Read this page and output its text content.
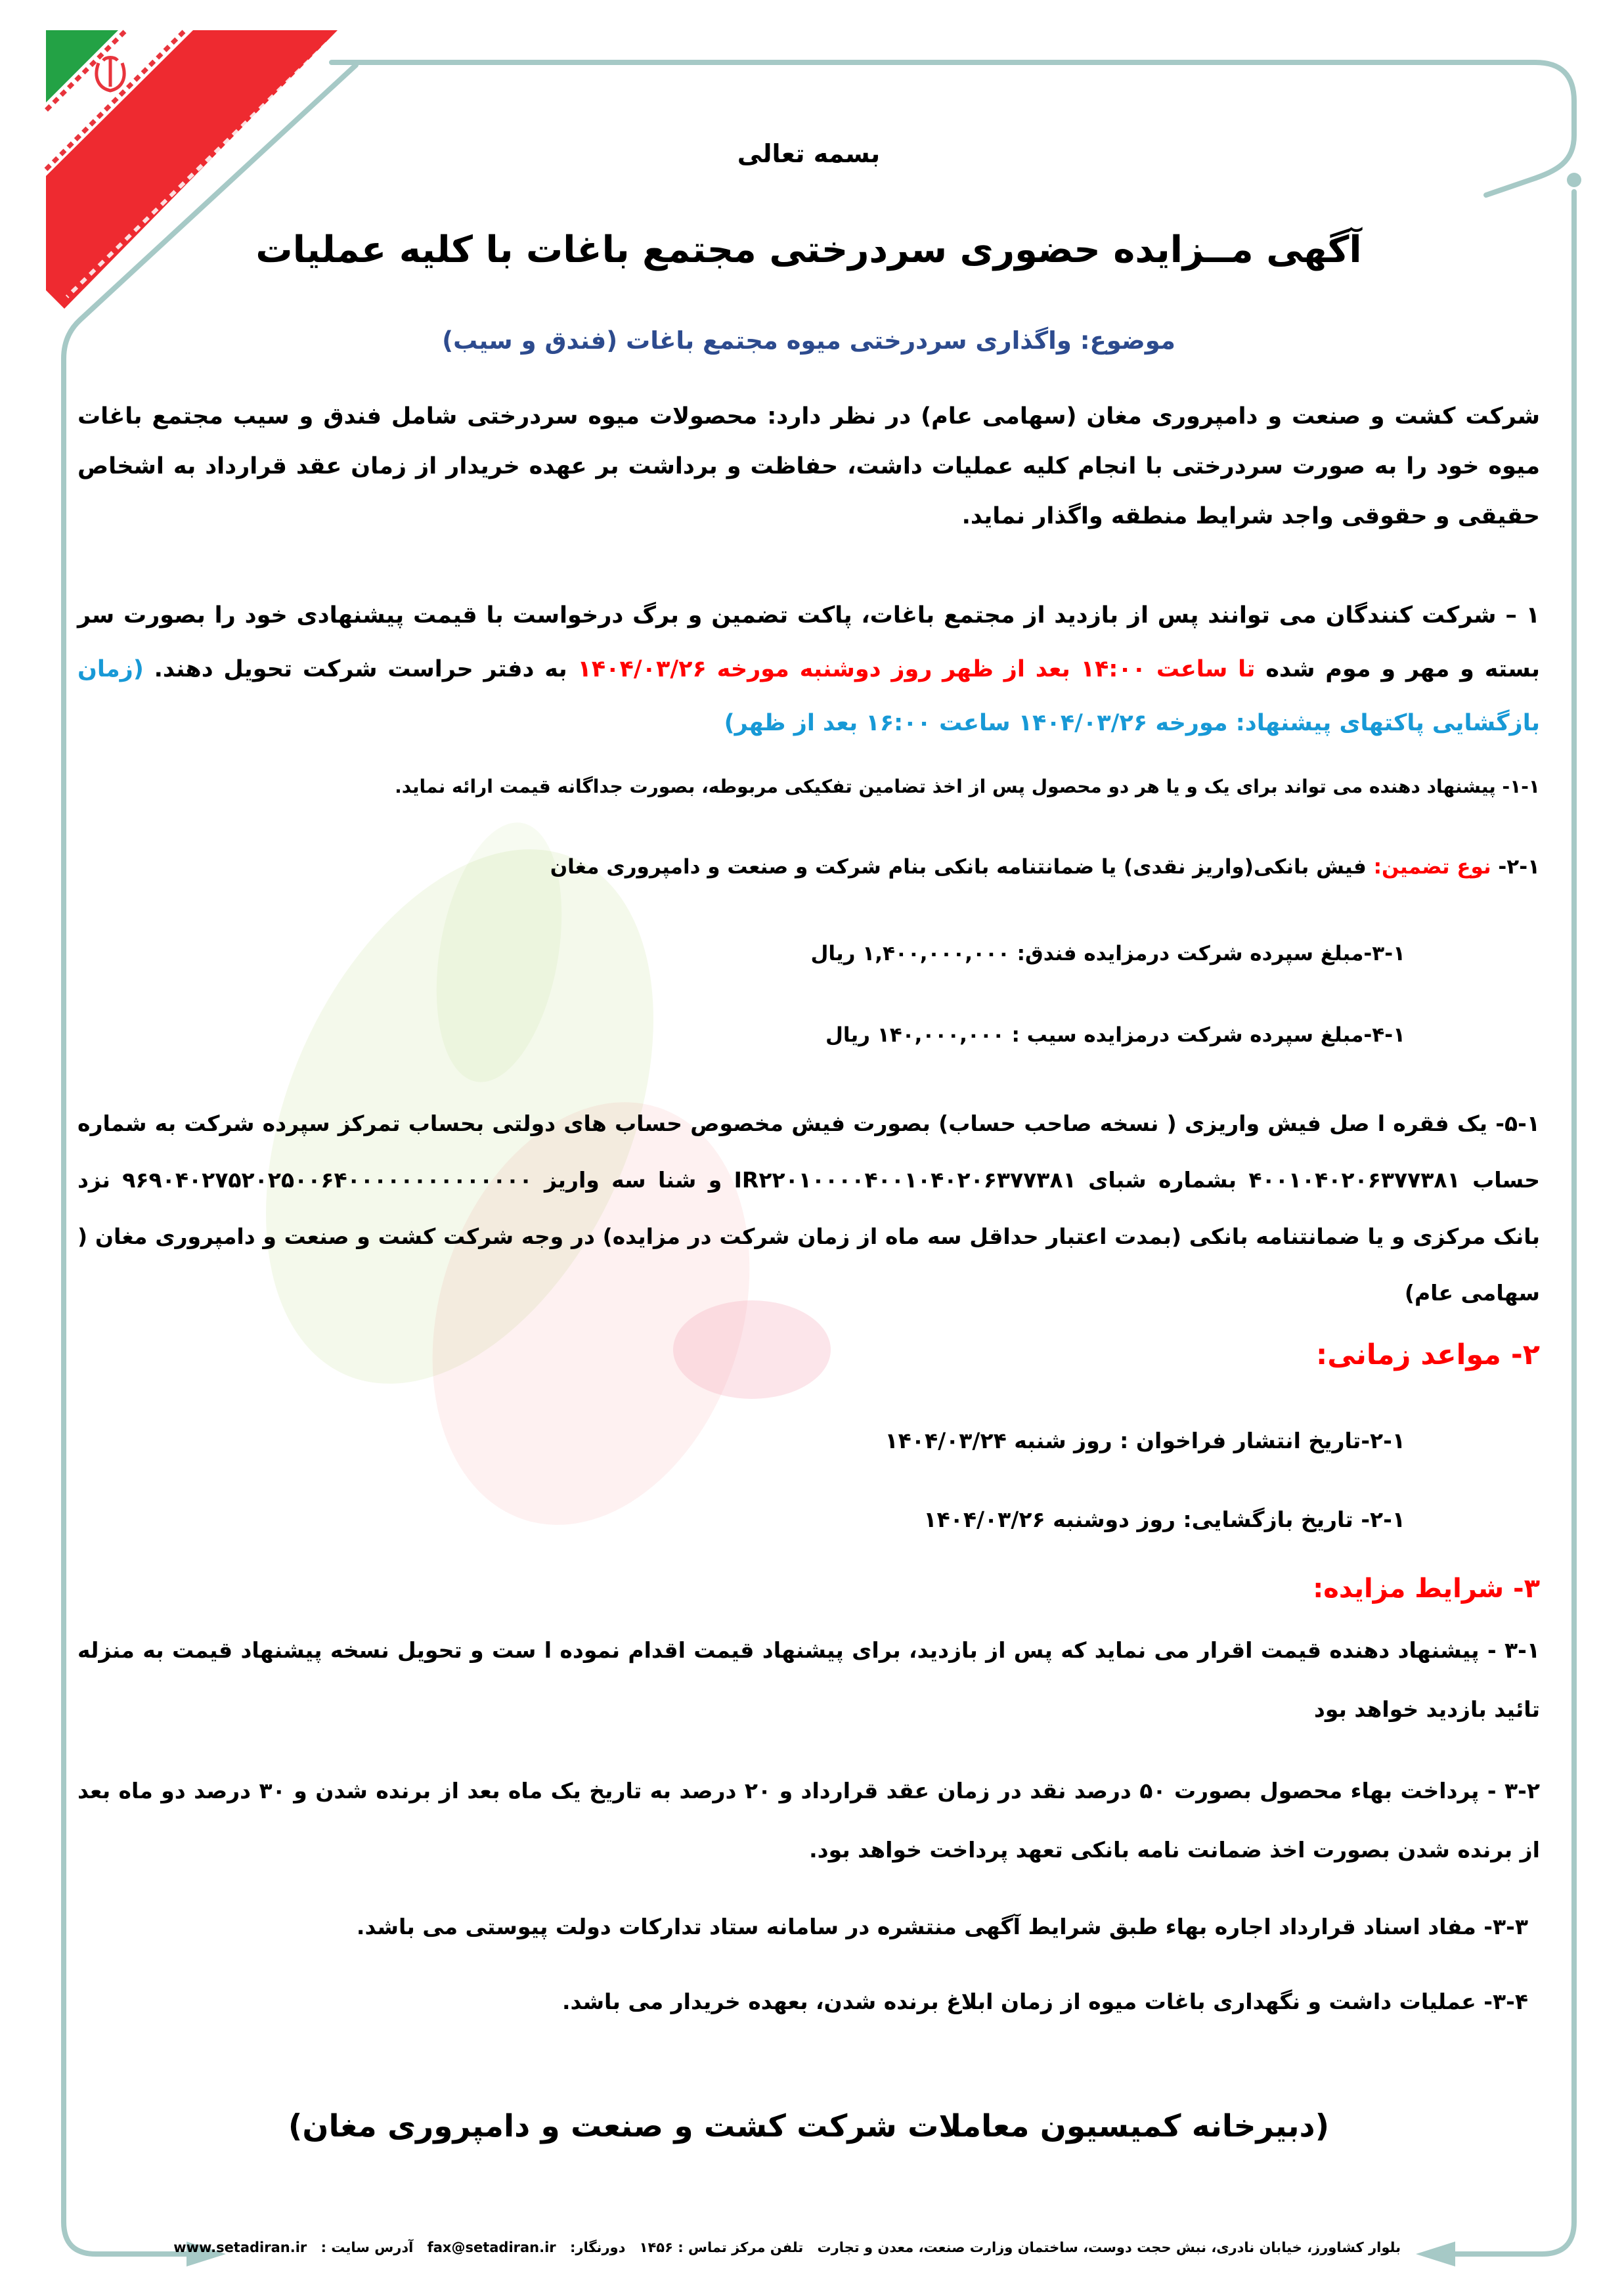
بسمه تعالی
آگهی مــزایده حضوری سردرختی مجتمع باغات با کلیه عملیات
موضوع: واگذاری سردرختی میوه مجتمع باغات (فندق و سیب)
شرکت کشت و صنعت و دامپروری مغان (سهامی عام) در نظر دارد: محصولات میوه سردرختی شامل فندق و سیب مجتمع باغات میوه خود را به صورت سردرختی با انجام کلیه عملیات داشت، حفاظت و برداشت بر عهده خریدار از زمان عقد قرارداد به اشخاص حقیقی و حقوقی واجد شرایط منطقه واگذار نماید.
۱ – شرکت کنندگان می توانند پس از بازدید از مجتمع باغات، پاکت تضمین و برگ درخواست با قیمت پیشنهادی خود را بصورت سر بسته و مهر و موم شده تا ساعت ۱۴:۰۰ بعد از ظهر روز دوشنبه مورخه ۱۴۰۴/۰۳/۲۶ به دفتر حراست شرکت تحویل دهند. (زمان بازگشایی پاکتهای پیشنهاد: مورخه ۱۴۰۴/۰۳/۲۶ ساعت ۱۶:۰۰ بعد از ظهر)
۱-۱- پیشنهاد دهنده می تواند برای یک و یا هر دو محصول پس از اخذ تضامین تفکیکی مربوطه، بصورت جداگانه قیمت ارائه نماید.
۲-۱- نوع تضمین: فیش بانکی(واریز نقدی) یا ضمانتنامه بانکی بنام شرکت و صنعت و دامپروری مغان
۳-۱-مبلغ سپرده شرکت درمزایده فندق: ۱,۴۰۰,۰۰۰,۰۰۰ ریال
۴-۱-مبلغ سپرده شرکت درمزایده سیب : ۱۴۰,۰۰۰,۰۰۰ ریال
۵-۱- یک فقره ا صل فیش واریزی ( نسخه صاحب حساب) بصورت فیش مخصوص حساب های دولتی بحساب تمرکز سپرده شرکت به شماره حساب ۴۰۰۱۰۴۰۲۰۶۳۷۷۳۸۱ بشماره شبای IR۲۲۰۱۰۰۰۰۴۰۰۱۰۴۰۲۰۶۳۷۷۳۸۱ و شنا سه واریز ۹۶۹۰۴۰۲۷۵۲۰۲۵۰۰۶۴۰۰۰۰۰۰۰۰۰۰۰۰۰۰ نزد بانک مرکزی و یا ضمانتنامه بانکی (بمدت اعتبار حداقل سه ماه از زمان شرکت در مزایده) در وجه شرکت کشت و صنعت و دامپروری مغان ( سهامی عام)
۲- مواعد زمانی:
۲-۱-تاریخ انتشار فراخوان : روز شنبه ۱۴۰۴/۰۳/۲۴
۲-۱- تاریخ بازگشایی: روز دوشنبه ۱۴۰۴/۰۳/۲۶
۳- شرایط مزایده:
۳-۱ - پیشنهاد دهنده قیمت اقرار می نماید که پس از بازدید، برای پیشنهاد قیمت اقدام نموده ا ست و تحویل نسخه پیشنهاد قیمت به منزله تائید بازدید خواهد بود
۳-۲ - پرداخت بهاء محصول بصورت ۵۰ درصد نقد در زمان عقد قرارداد و ۲۰ درصد به تاریخ یک ماه بعد از برنده شدن و ۳۰ درصد دو ماه بعد از برنده شدن بصورت اخذ ضمانت نامه بانکی تعهد پرداخت خواهد بود.
۳-۳- مفاد اسناد قرارداد اجاره بهاء طبق شرایط آگهی منتشره در سامانه ستاد تدارکات دولت پیوستی می باشد.
۳-۴- عملیات داشت و نگهداری باغات میوه از زمان ابلاغ برنده شدن، بعهده خریدار می باشد.
(دبیرخانه کمیسیون معاملات شرکت کشت و صنعت و دامپروری مغان)
بلوار کشاورز، خیابان نادری، نبش حجت دوست، ساختمان وزارت صنعت، معدن و تجارت تلفن مرکز تماس : ۱۴۵۶ دورنگار: fax@setadiran.ir آدرس سایت : www.setadiran.ir
